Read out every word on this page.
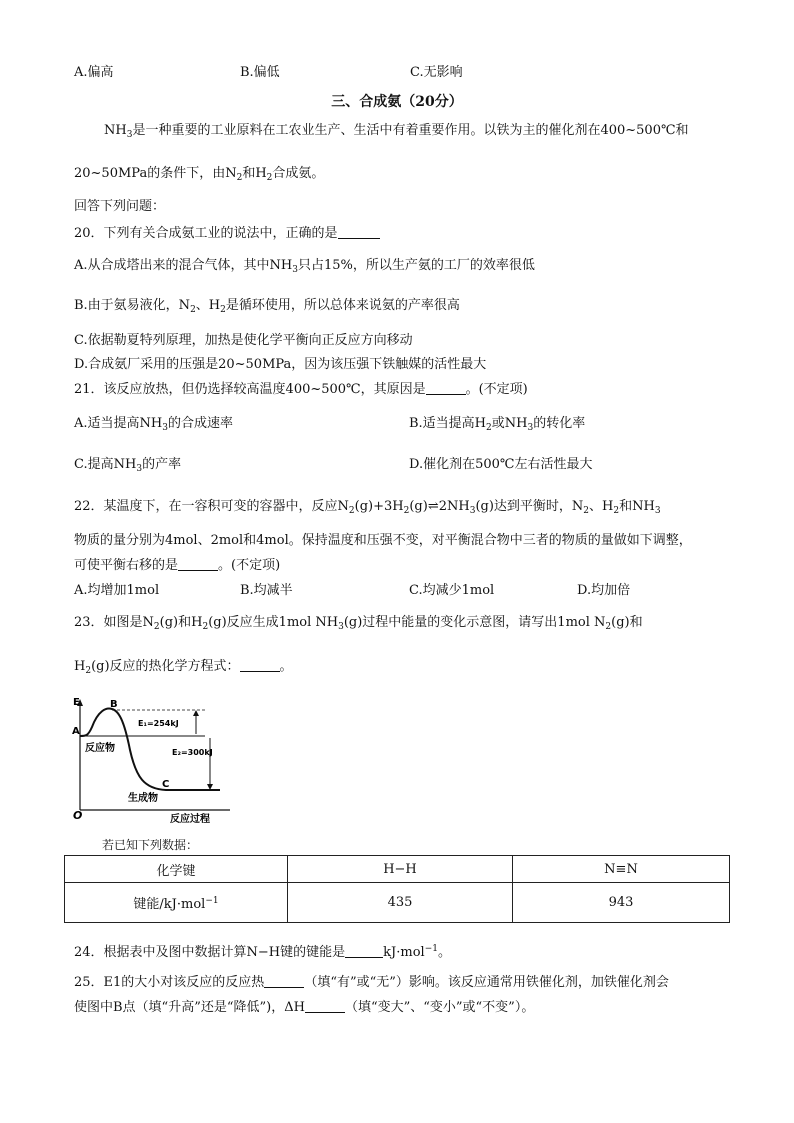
A.偏高	B.偏低	C.无影响
三、合成氨（20分）
$NH_3$是一种重要的工业原料在工农业生产、生活中有着重要作用。以铁为主的催化剂在400~500℃和
20~50MPa的条件下，由$N_2$和$H_2$合成氨。
回答下列问题：
20．下列有关合成氨工业的说法中，正确的是
A.从合成塔出来的混合气体，其中$NH_3$只占15%，所以生产氨的工厂的效率很低
B.由于氨易液化，$N_2$、$H_2$是循环使用，所以总体来说氨的产率很高
C.依据勒夏特列原理，加热是使化学平衡向正反应方向移动
D.合成氨厂采用的压强是20~50MPa，因为该压强下铁触媒的活性最大
21．该反应放热，但仍选择较高温度400~500℃，其原因是	。(不定项)
A.适当提高$NH_3$的合成速率	B.适当提高$H_2$或$NH_3$的转化率
C.提高$NH_3$的产率	D.催化剂在500℃左右活性最大
22．某温度下，在一容积可变的容器中，反应$N_2(g)+3H_2(g)\rightleftharpoons 2NH_3(g)$达到平衡时，$N_2$、$H_2$和$NH_3$
物质的量分别为4mol、2mol和4mol。保持温度和压强不变，对平衡混合物中三者的物质的量做如下调整，
可使平衡右移的是	。(不定项)
A.均增加1mol	B.均减半	C.均减少1mol	D.均加倍
23．如图是$N_2(g)$和$H_2(g)$反应生成1mol $NH_3(g)$过程中能量的变化示意图，请写出1mol $N_2(g)$和
$H_2(g)$反应的热化学方程式：	。
E
O
B
A
C
E₁=254kJ
E₂=300kJ
反应物
生成物
反应过程
若已知下列数据：
化学键	H−H	N≡N
键能/kJ·mol$^{-1}$	435	943
24．根据表中及图中数据计算N−H键的键能是	kJ·mol$^{-1}$。
25．E1的大小对该反应的反应热	（填“有”或“无”）影响。该反应通常用铁催化剂，加铁催化剂会
使图中B点（填“升高”还是“降低”)，ΔH	（填“变大”、“变小”或“不变”）。
